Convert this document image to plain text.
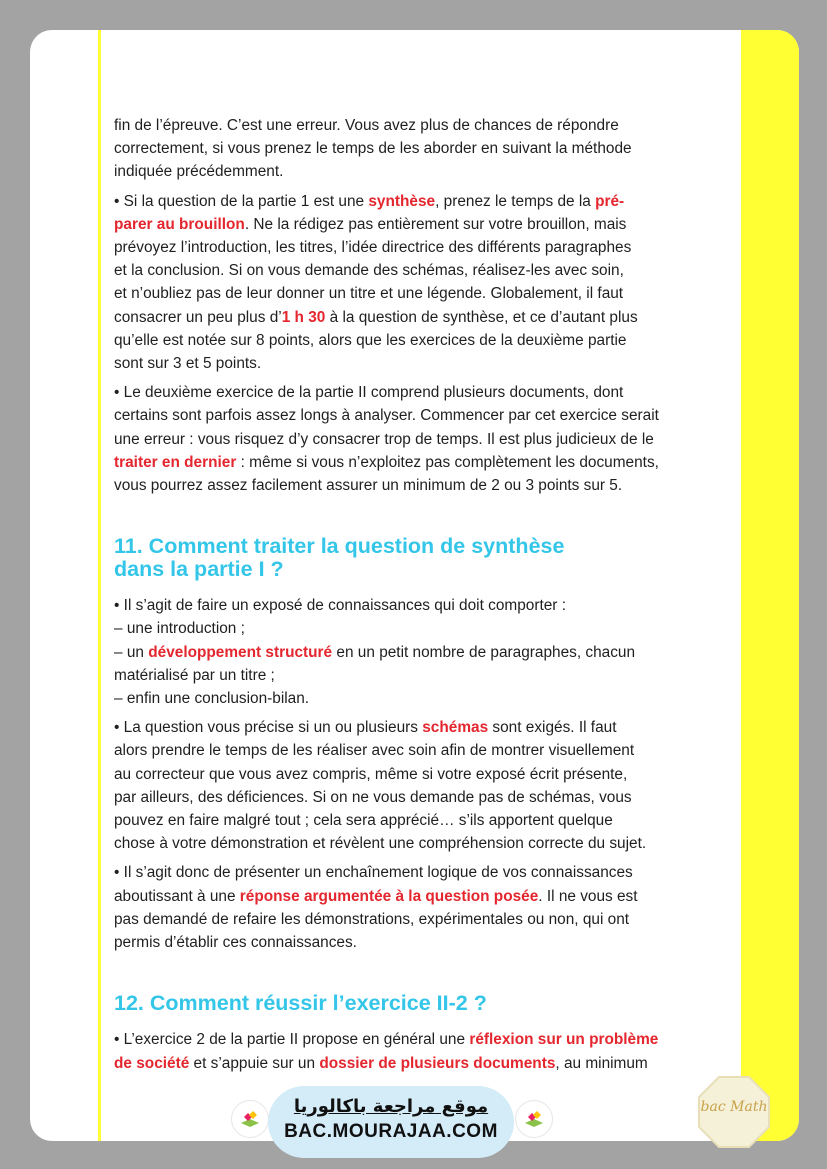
fin de l’épreuve. C’est une erreur. Vous avez plus de chances de répondre
correctement, si vous prenez le temps de les aborder en suivant la méthode
indiquée précédemment.

• Si la question de la partie 1 est une synthèse, prenez le temps de la pré-
parer au brouillon. Ne la rédigez pas entièrement sur votre brouillon, mais
prévoyez l’introduction, les titres, l’idée directrice des différents paragraphes
et la conclusion. Si on vous demande des schémas, réalisez-les avec soin,
et n’oubliez pas de leur donner un titre et une légende. Globalement, il faut
consacrer un peu plus d’1 h 30 à la question de synthèse, et ce d’autant plus
qu’elle est notée sur 8 points, alors que les exercices de la deuxième partie
sont sur 3 et 5 points.

• Le deuxième exercice de la partie II comprend plusieurs documents, dont
certains sont parfois assez longs à analyser. Commencer par cet exercice serait
une erreur : vous risquez d’y consacrer trop de temps. Il est plus judicieux de le
traiter en dernier : même si vous n’exploitez pas complètement les documents,
vous pourrez assez facilement assurer un minimum de 2 ou 3 points sur 5.

11. Comment traiter la question de synthèse
dans la partie I ?

• Il s’agit de faire un exposé de connaissances qui doit comporter :
– une introduction ;
– un développement structuré en un petit nombre de paragraphes, chacun
matérialisé par un titre ;
– enfin une conclusion-bilan.

• La question vous précise si un ou plusieurs schémas sont exigés. Il faut
alors prendre le temps de les réaliser avec soin afin de montrer visuellement
au correcteur que vous avez compris, même si votre exposé écrit présente,
par ailleurs, des déficiences. Si on ne vous demande pas de schémas, vous
pouvez en faire malgré tout ; cela sera apprécié… s’ils apportent quelque
chose à votre démonstration et révèlent une compréhension correcte du sujet.

• Il s’agit donc de présenter un enchaînement logique de vos connaissances
aboutissant à une réponse argumentée à la question posée. Il ne vous est
pas demandé de refaire les démonstrations, expérimentales ou non, qui ont
permis d’établir ces connaissances.

12. Comment réussir l’exercice II-2 ?

• L’exercice 2 de la partie II propose en général une réflexion sur un problème
de société et s’appuie sur un dossier de plusieurs documents, au minimum

موقع مراجعة باكالوريا
BAC.MOURAJAA.COM
bac Math
